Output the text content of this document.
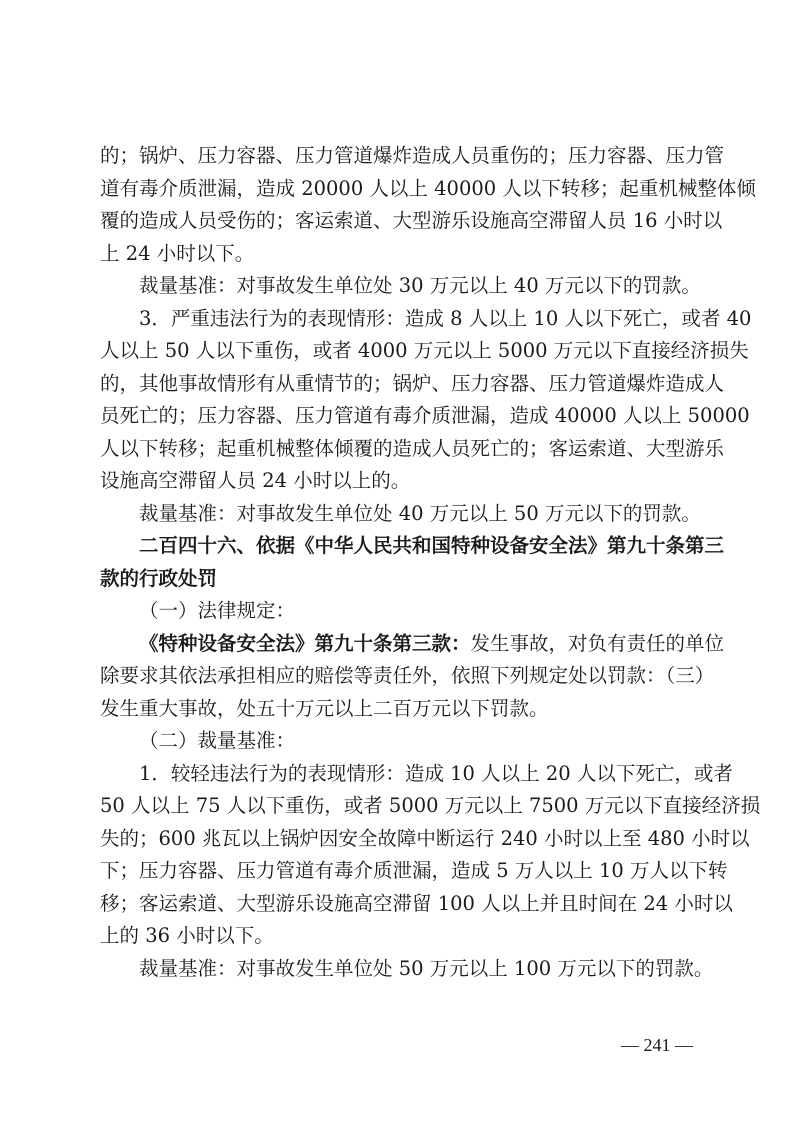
的；锅炉、压力容器、压力管道爆炸造成人员重伤的；压力容器、压力管
道有毒介质泄漏，造成 20000 人以上 40000 人以下转移；起重机械整体倾
覆的造成人员受伤的；客运索道、大型游乐设施高空滞留人员 16 小时以
上 24 小时以下。
裁量基准：对事故发生单位处 30 万元以上 40 万元以下的罚款。
3．严重违法行为的表现情形：造成 8 人以上 10 人以下死亡，或者 40
人以上 50 人以下重伤，或者 4000 万元以上 5000 万元以下直接经济损失
的，其他事故情形有从重情节的；锅炉、压力容器、压力管道爆炸造成人
员死亡的；压力容器、压力管道有毒介质泄漏，造成 40000 人以上 50000
人以下转移；起重机械整体倾覆的造成人员死亡的；客运索道、大型游乐
设施高空滞留人员 24 小时以上的。
裁量基准：对事故发生单位处 40 万元以上 50 万元以下的罚款。
二百四十六、依据《中华人民共和国特种设备安全法》第九十条第三
款的行政处罚
（一）法律规定：
《特种设备安全法》第九十条第三款：发生事故，对负有责任的单位
除要求其依法承担相应的赔偿等责任外，依照下列规定处以罚款：（三）
发生重大事故，处五十万元以上二百万元以下罚款。
（二）裁量基准：
1．较轻违法行为的表现情形：造成 10 人以上 20 人以下死亡，或者
50 人以上 75 人以下重伤，或者 5000 万元以上 7500 万元以下直接经济损
失的；600 兆瓦以上锅炉因安全故障中断运行 240 小时以上至 480 小时以
下；压力容器、压力管道有毒介质泄漏，造成 5 万人以上 10 万人以下转
移；客运索道、大型游乐设施高空滞留 100 人以上并且时间在 24 小时以
上的 36 小时以下。
裁量基准：对事故发生单位处 50 万元以上 100 万元以下的罚款。
— 241 —
